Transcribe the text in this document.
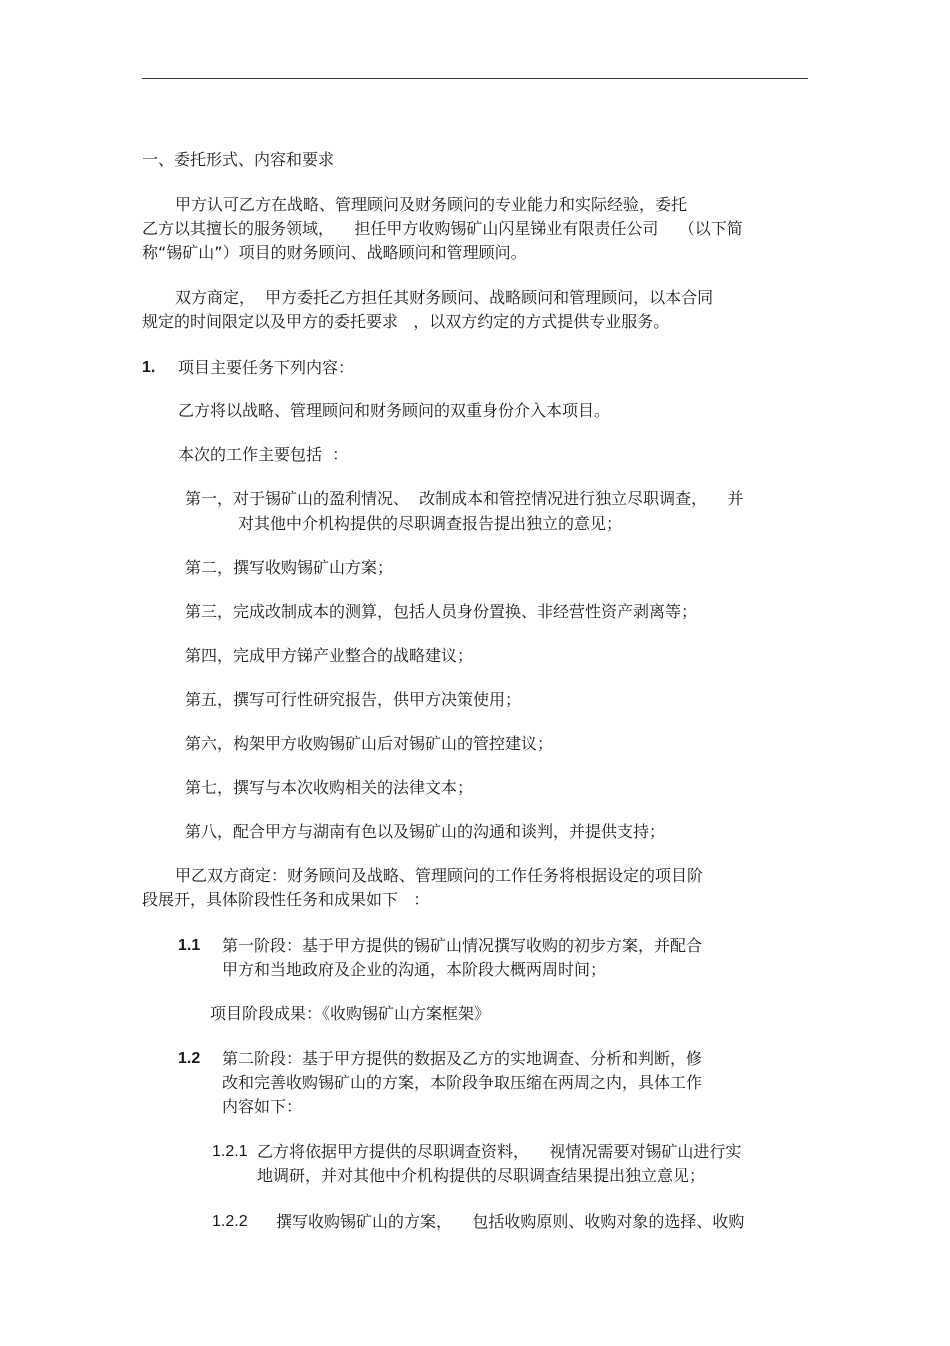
一、委托形式、内容和要求
甲方认可乙方在战略、管理顾问及财务顾问的专业能力和实际经验，委托
乙方以其擅长的服务领域，    担任甲方收购锡矿山闪星锑业有限责任公司    （以下简
称“锡矿山”）项目的财务顾问、战略顾问和管理顾问。
双方商定，  甲方委托乙方担任其财务顾问、战略顾问和管理顾问，以本合同
规定的时间限定以及甲方的委托要求   ，以双方约定的方式提供专业服务。
1. 项目主要任务下列内容：
乙方将以战略、管理顾问和财务顾问的双重身份介入本项目。
本次的工作主要包括  ：
第一，对于锡矿山的盈利情况、  改制成本和管控情况进行独立尽职调查，    并
对其他中介机构提供的尽职调查报告提出独立的意见；
第二，撰写收购锡矿山方案；
第三，完成改制成本的测算，包括人员身份置换、非经营性资产剥离等；
第四，完成甲方锑产业整合的战略建议；
第五，撰写可行性研究报告，供甲方决策使用；
第六，构架甲方收购锡矿山后对锡矿山的管控建议；
第七，撰写与本次收购相关的法律文本；
第八，配合甲方与湖南有色以及锡矿山的沟通和谈判，并提供支持；
甲乙双方商定：财务顾问及战略、管理顾问的工作任务将根据设定的项目阶
段展开，具体阶段性任务和成果如下   ：
1.1 第一阶段：基于甲方提供的锡矿山情况撰写收购的初步方案，并配合
甲方和当地政府及企业的沟通，本阶段大概两周时间；
项目阶段成果：《收购锡矿山方案框架》
1.2 第二阶段：基于甲方提供的数据及乙方的实地调查、分析和判断，修
改和完善收购锡矿山的方案，本阶段争取压缩在两周之内，具体工作
内容如下：
1.2.1 乙方将依据甲方提供的尽职调查资料，    视情况需要对锡矿山进行实
地调研，并对其他中介机构提供的尽职调查结果提出独立意见；
1.2.2 撰写收购锡矿山的方案，    包括收购原则、收购对象的选择、收购
